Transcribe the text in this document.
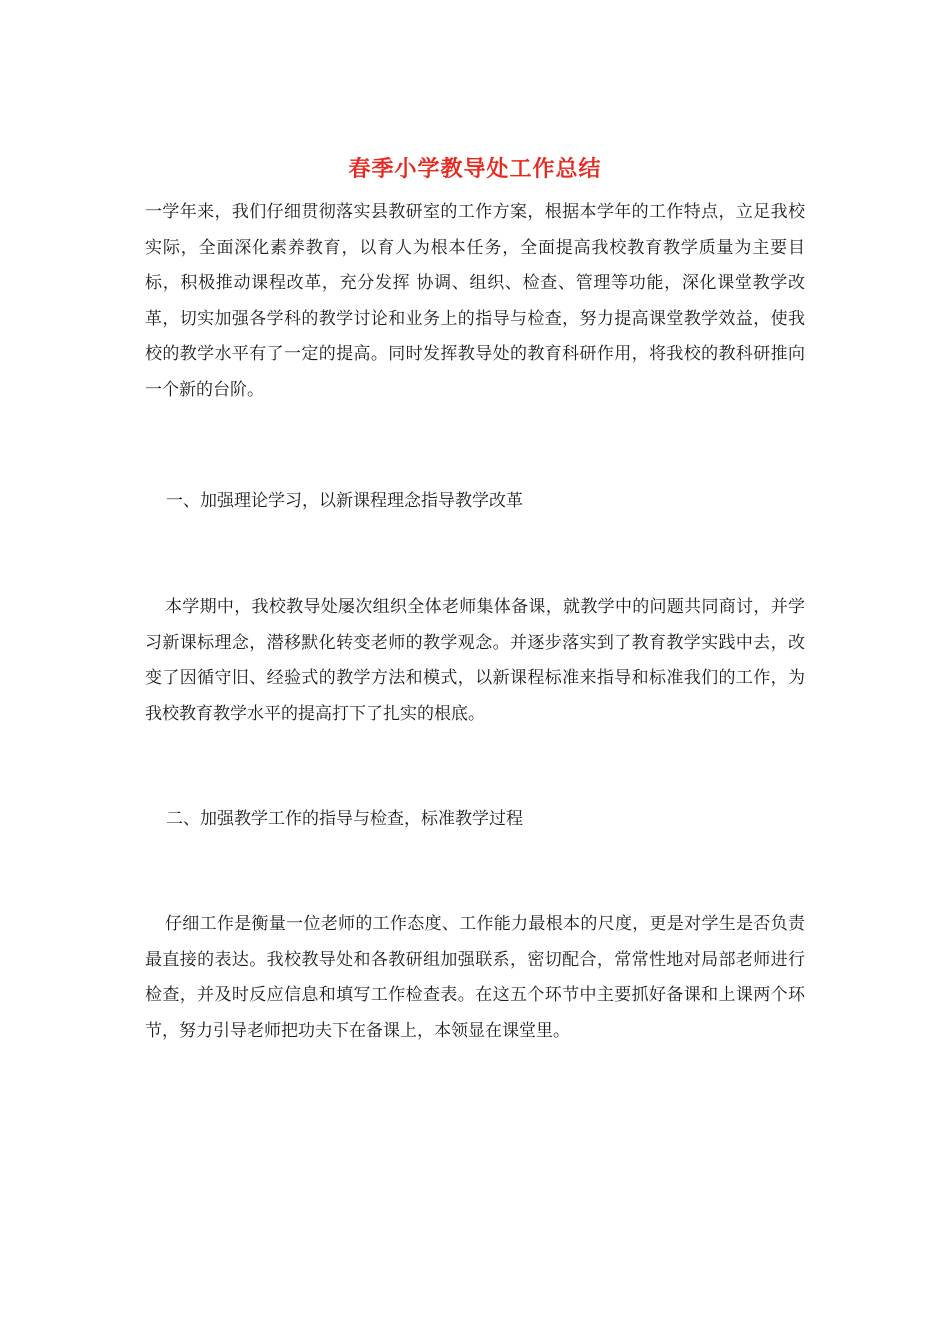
春季小学教导处工作总结

一学年来，我们仔细贯彻落实县教研室的工作方案，根据本学年的工作特点，立足我校实际，全面深化素养教育，以育人为根本任务，全面提高我校教育教学质量为主要目标，积极推动课程改革，充分发挥 协调、组织、检查、管理等功能，深化课堂教学改革，切实加强各学科的教学讨论和业务上的指导与检查，努力提高课堂教学效益，使我校的教学水平有了一定的提高。同时发挥教导处的教育科研作用，将我校的教科研推向一个新的台阶。

一、加强理论学习，以新课程理念指导教学改革

本学期中，我校教导处屡次组织全体老师集体备课，就教学中的问题共同商讨，并学习新课标理念，潜移默化转变老师的教学观念。并逐步落实到了教育教学实践中去，改变了因循守旧、经验式的教学方法和模式，以新课程标准来指导和标准我们的工作，为我校教育教学水平的提高打下了扎实的根底。

二、加强教学工作的指导与检查，标准教学过程

仔细工作是衡量一位老师的工作态度、工作能力最根本的尺度，更是对学生是否负责最直接的表达。我校教导处和各教研组加强联系，密切配合，常常性地对局部老师进行检查，并及时反应信息和填写工作检查表。在这五个环节中主要抓好备课和上课两个环节，努力引导老师把功夫下在备课上，本领显在课堂里。
